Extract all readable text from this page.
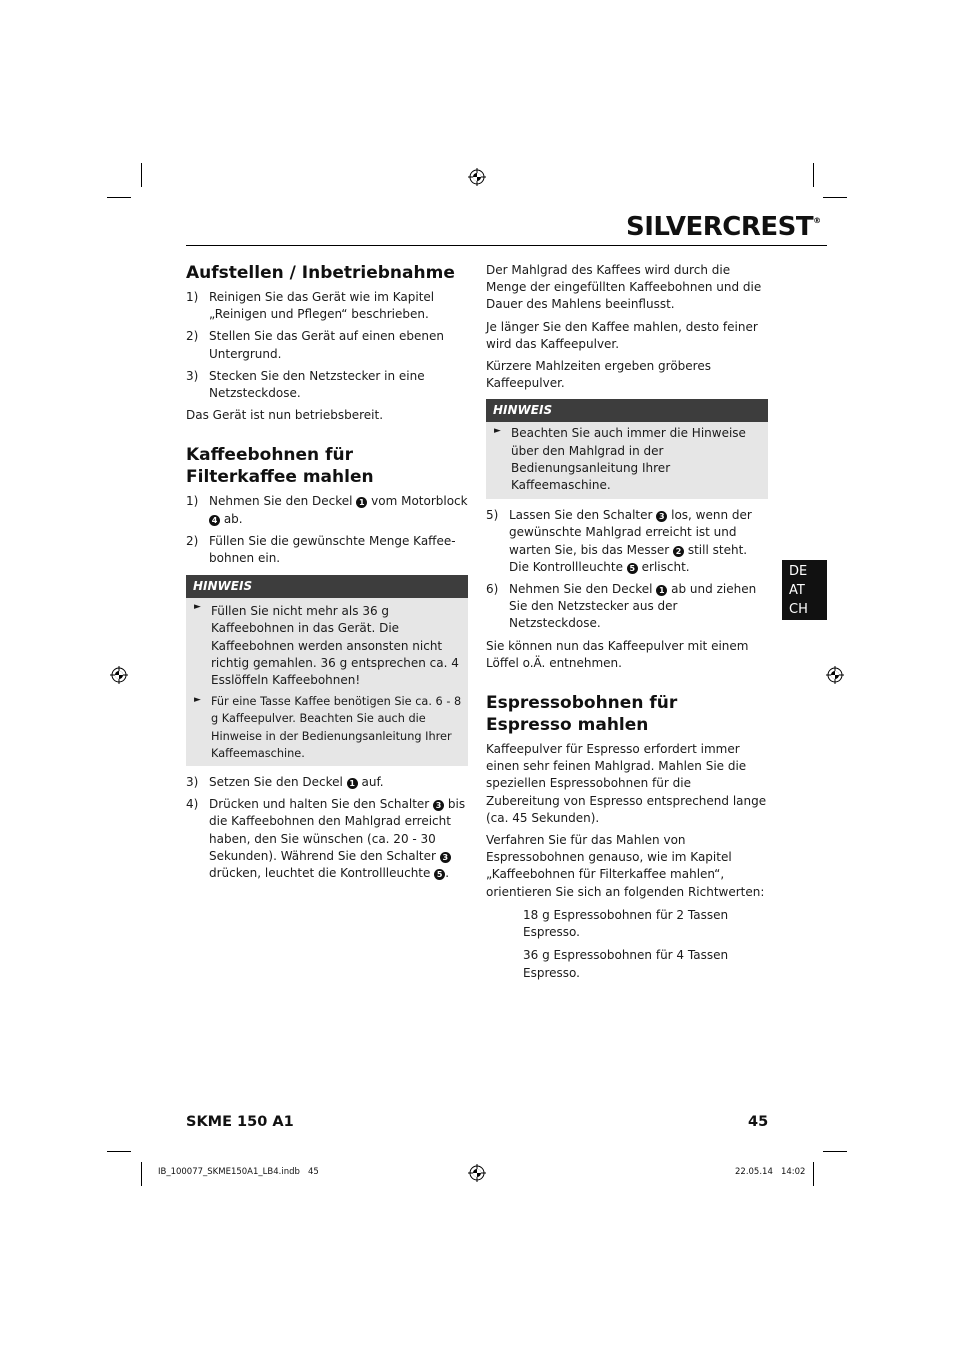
SILVERCREST®
Aufstellen / Inbetriebnahme
1) Reinigen Sie das Gerät wie im Kapitel „Reinigen und Pflegen“ beschrieben.
2) Stellen Sie das Gerät auf einen ebenen Untergrund.
3) Stecken Sie den Netzstecker in eine Netzsteckdose.

Das Gerät ist nun betriebsbereit.

Kaffeebohnen für Filterkaffee mahlen
1) Nehmen Sie den Deckel 1 vom Motorblock 4 ab.
2) Füllen Sie die gewünschte Menge Kaffeebohnen ein.
HINWEIS
► Füllen Sie nicht mehr als 36 g Kaffeebohnen in das Gerät. Die Kaffeebohnen werden ansonsten nicht richtig gemahlen. 36 g entsprechen ca. 4 Esslöffeln Kaffeebohnen!
► Für eine Tasse Kaffee benötigen Sie ca. 6 - 8 g Kaffeepulver. Beachten Sie auch die Hinweise in der Bedienungsanleitung Ihrer Kaffeemaschine.
3) Setzen Sie den Deckel 1 auf.
4) Drücken und halten Sie den Schalter 3 bis die Kaffeebohnen den Mahlgrad erreicht haben, den Sie wünschen (ca. 20 - 30 Sekunden). Während Sie den Schalter 3 drücken, leuchtet die Kontrollleuchte 5 .

Der Mahlgrad des Kaffees wird durch die Menge der eingefüllten Kaffeebohnen und die Dauer des Mahlens beeinflusst.

Je länger Sie den Kaffee mahlen, desto feiner wird das Kaffeepulver.

Kürzere Mahlzeiten ergeben gröberes Kaffeepulver.

HINWEIS
► Beachten Sie auch immer die Hinweise über den Mahlgrad in der Bedienungsanleitung Ihrer Kaffeemaschine.
5) Lassen Sie den Schalter 3 los, wenn der gewünschte Mahlgrad erreicht ist und warten Sie, bis das Messer 2 still steht. Die Kontrollleuchte 5 erlischt.
6) Nehmen Sie den Deckel 1 ab und ziehen Sie den Netzstecker aus der Netzsteckdose.

Sie können nun das Kaffeepulver mit einem Löffel o.Ä. entnehmen.

Espressobohnen für Espresso mahlen

Kaffeepulver für Espresso erfordert immer einen sehr feinen Mahlgrad. Mahlen Sie die speziellen Espressobohnen für die Zubereitung von Espresso entsprechend lange (ca. 45 Sekunden).

Verfahren Sie für das Mahlen von Espressobohnen genauso, wie im Kapitel „Kaffeebohnen für Filterkaffee mahlen“, orientieren Sie sich an folgenden Richtwerten:

18 g Espressobohnen für 2 Tassen Espresso.

36 g Espressobohnen für 4 Tassen Espresso.

DE
AT
CH
SKME 150 A1	45
IB_100077_SKME150A1_LB4.indb   45	22.05.14   14:02
